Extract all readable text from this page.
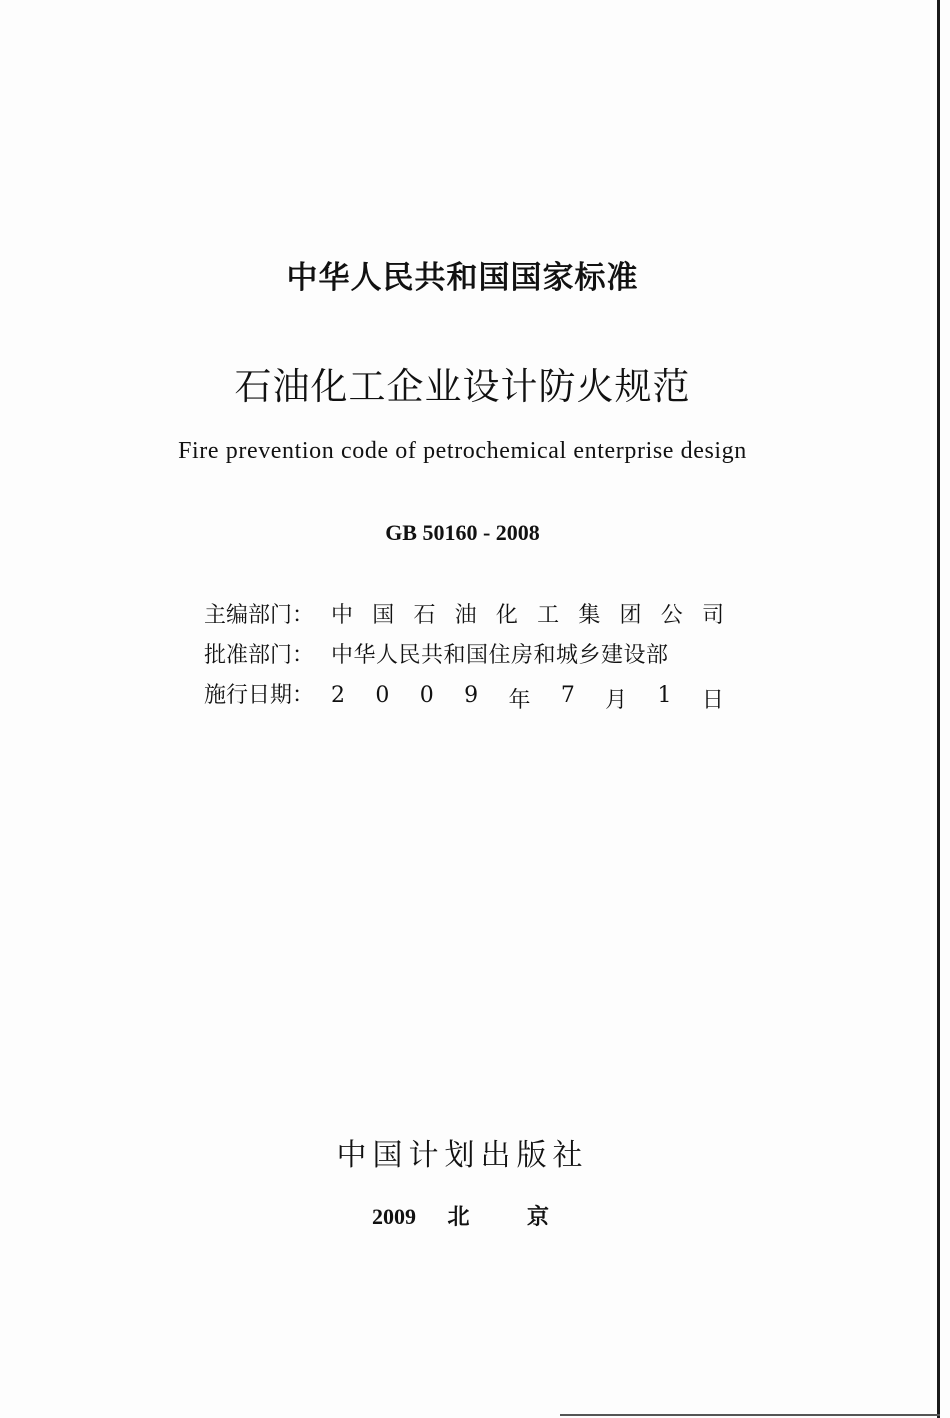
中华人民共和国国家标准
石油化工企业设计防火规范
Fire prevention code of petrochemical enterprise design
GB 50160 - 2008
主编部门： 中 国 石 油 化 工 集 团 公 司
批准部门： 中华人民共和国住房和城乡建设部
施行日期： 2 0 0 9 年 7 月 1 日
中国计划出版社
2009 北	京
